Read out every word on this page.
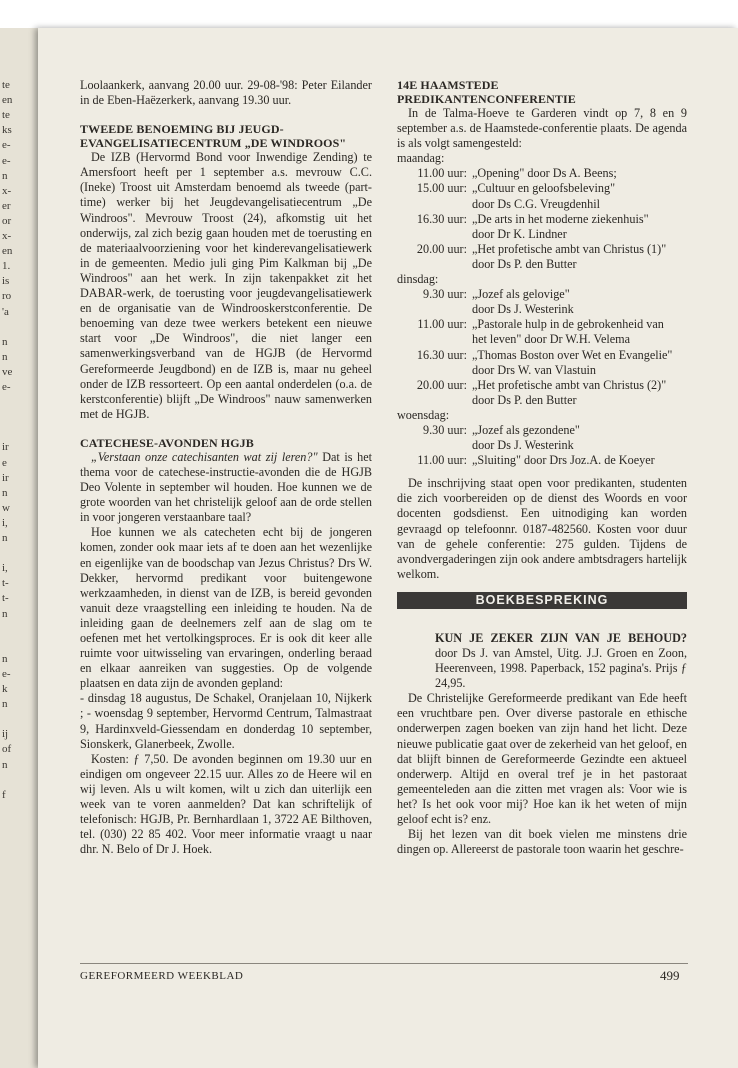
te
en
te
ks
e-
e-
n
x-
er
or
x-
en
1.
is
ro
'a
n
n
ve
e-
ir
e
ir
n
w
i,
n
i,
t-
t-
n
n
e-
k
n
ij
of
n
f

Loolaankerk, aanvang 20.00 uur. 29-08-'98: Peter Eilander in de Eben-Haëzerkerk, aanvang 19.30 uur.

TWEEDE BENOEMING BIJ JEUGD-

EVANGELISATIECENTRUM „DE WINDROOS"

De IZB (Hervormd Bond voor Inwendige Zending) te Amersfoort heeft per 1 september a.s. mevrouw C.C. (Ineke) Troost uit Amsterdam benoemd als tweede (part-time) werker bij het Jeugdevangelisatiecentrum „De Windroos". Mevrouw Troost (24), afkomstig uit het onderwijs, zal zich bezig gaan houden met de toerusting en de materiaalvoorziening voor het kinderevangelisatiewerk in de gemeenten. Medio juli ging Pim Kalkman bij „De Windroos" aan het werk. In zijn takenpakket zit het DABAR-werk, de toerusting voor jeugdevangelisatiewerk en de organisatie van de Windrooskerstconferentie. De benoeming van deze twee werkers betekent een nieuwe start voor „De Windroos", die niet langer een samenwerkingsverband van de HGJB (de Hervormd Gereformeerde Jeugdbond) en de IZB is, maar nu geheel onder de IZB ressorteert. Op een aantal onderdelen (o.a. de kerstconferentie) blijft „De Windroos" nauw samenwerken met de HGJB.

CATECHESE-AVONDEN HGJB

„Verstaan onze catechisanten wat zij leren?" Dat is het thema voor de catechese-instructie-avonden die de HGJB Deo Volente in september wil houden. Hoe kunnen we de grote woorden van het christelijk geloof aan de orde stellen in voor jongeren verstaanbare taal?

Hoe kunnen we als catecheten echt bij de jongeren komen, zonder ook maar iets af te doen aan het wezenlijke en eigenlijke van de boodschap van Jezus Christus? Drs W. Dekker, hervormd predikant voor buitengewone werkzaamheden, in dienst van de IZB, is bereid gevonden vanuit deze vraagstelling een inleiding te houden. Na de inleiding gaan de deelnemers zelf aan de slag om te oefenen met het vertolkingsproces. Er is ook dit keer alle ruimte voor uitwisseling van ervaringen, onderling beraad en elkaar aanreiken van suggesties. Op de volgende plaatsen en data zijn de avonden gepland:

- dinsdag 18 augustus, De Schakel, Oranjelaan 10, Nijkerk ; - woensdag 9 september, Hervormd Centrum, Talmastraat 9, Hardinxveld-Giessendam en donderdag 10 september, Sionskerk, Glanerbeek, Zwolle.

Kosten: ƒ 7,50. De avonden beginnen om 19.30 uur en eindigen om ongeveer 22.15 uur. Alles zo de Heere wil en wij leven. Als u wilt komen, wilt u zich dan uiterlijk een week van te voren aanmelden? Dat kan schriftelijk of telefonisch: HGJB, Pr. Bernhardlaan 1, 3722 AE Bilthoven, tel. (030) 22 85 402. Voor meer informatie vraagt u naar dhr. N. Belo of Dr J. Hoek.

14E HAAMSTEDE

PREDIKANTENCONFERENTIE

In de Talma-Hoeve te Garderen vindt op 7, 8 en 9 september a.s. de Haamstede-conferentie plaats. De agenda is als volgt samengesteld:

maandag:

11.00 uur: „Opening" door Ds A. Beens;
15.00 uur: „Cultuur en geloofsbeleving"
door Ds C.G. Vreugdenhil
16.30 uur: „De arts in het moderne ziekenhuis"
door Dr K. Lindner
20.00 uur: „Het profetische ambt van Christus (1)"
door Ds P. den Butter

dinsdag:

9.30 uur: „Jozef als gelovige"
door Ds J. Westerink
11.00 uur: „Pastorale hulp in de gebrokenheid van
het leven" door Dr W.H. Velema
16.30 uur: „Thomas Boston over Wet en Evangelie"
door Drs W. van Vlastuin
20.00 uur: „Het profetische ambt van Christus (2)"
door Ds P. den Butter

woensdag:

9.30 uur: „Jozef als gezondene"
door Ds J. Westerink
11.00 uur: „Sluiting" door Drs Joz.A. de Koeyer

De inschrijving staat open voor predikanten, studenten die zich voorbereiden op de dienst des Woords en voor docenten godsdienst. Een uitnodiging kan worden gevraagd op telefoonnr. 0187-482560. Kosten voor duur van de gehele conferentie: 275 gulden. Tijdens de avondvergaderingen zijn ook andere ambtsdragers hartelijk welkom.

BOEKBESPREKING

KUN JE ZEKER ZIJN VAN JE BEHOUD? door Ds J. van Amstel, Uitg. J.J. Groen en Zoon, Heerenveen, 1998. Paperback, 152 pagina's. Prijs ƒ 24,95.

De Christelijke Gereformeerde predikant van Ede heeft een vruchtbare pen. Over diverse pastorale en ethische onderwerpen zagen boeken van zijn hand het licht. Deze nieuwe publicatie gaat over de zekerheid van het geloof, en dat blijft binnen de Gereformeerde Gezindte een aktueel onderwerp. Altijd en overal tref je in het pastoraat gemeenteleden aan die zitten met vragen als: Voor wie is het? Is het ook voor mij? Hoe kan ik het weten of mijn geloof echt is? enz.

Bij het lezen van dit boek vielen me minstens drie dingen op. Allereerst de pastorale toon waarin het geschre-

GEREFORMEERD WEEKBLAD	499
